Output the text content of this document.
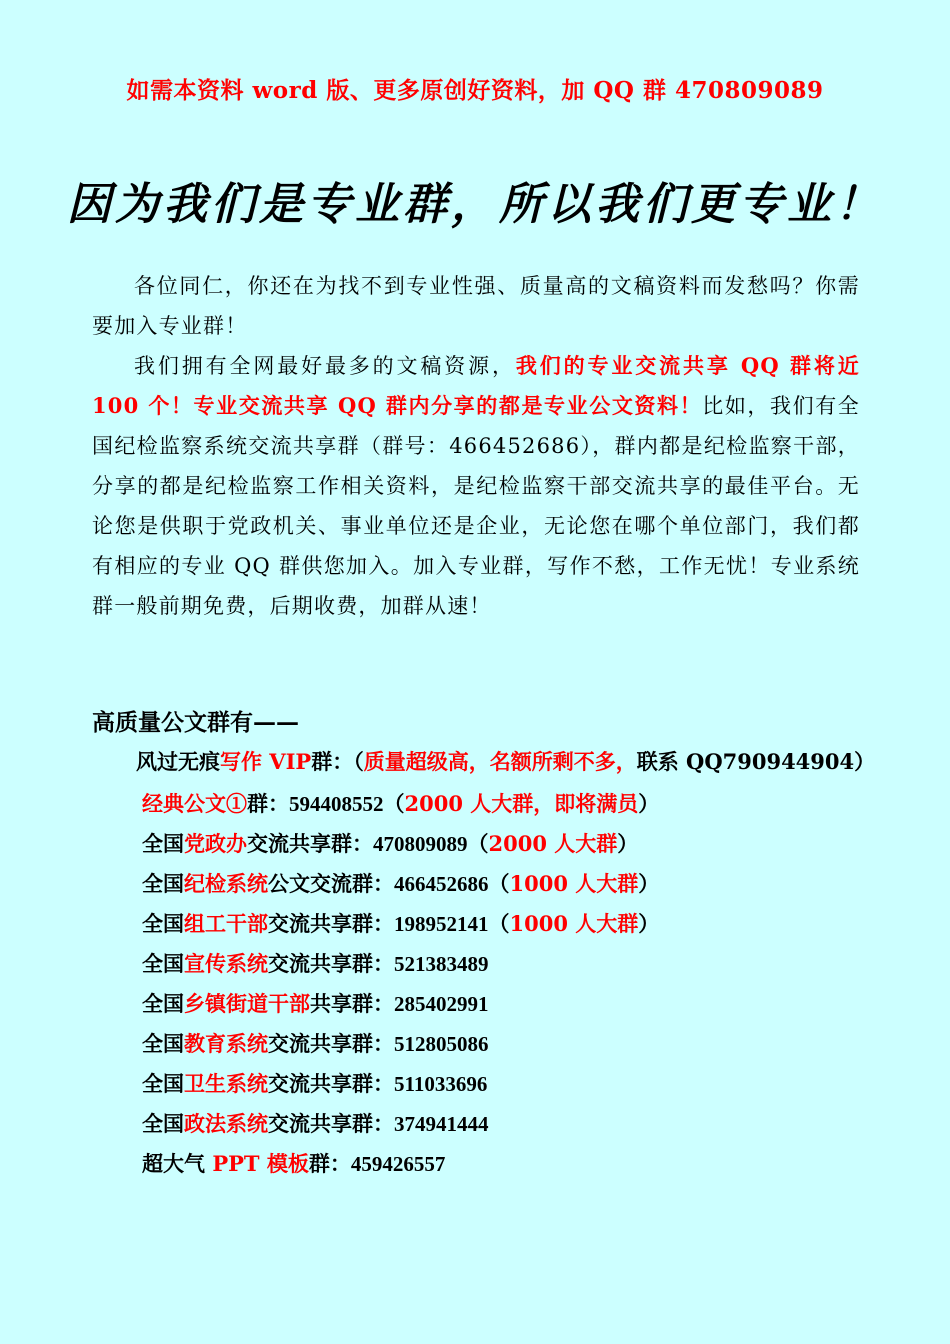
如需本资料 word 版、更多原创好资料，加 QQ 群 470809089
因为我们是专业群，所以我们更专业！

各位同仁，你还在为找不到专业性强、质量高的文稿资料而发愁吗？你需要加入专业群！

我们拥有全网最好最多的文稿资源，我们的专业交流共享 QQ 群将近 100 个！专业交流共享 QQ 群内分享的都是专业公文资料！比如，我们有全国纪检监察系统交流共享群（群号：466452686），群内都是纪检监察干部，分享的都是纪检监察工作相关资料，是纪检监察干部交流共享的最佳平台。无论您是供职于党政机关、事业单位还是企业，无论您在哪个单位部门，我们都有相应的专业 QQ 群供您加入。加入专业群，写作不愁，工作无忧！专业系统群一般前期免费，后期收费，加群从速！

高质量公文群有——
风过无痕写作 VIP群：（质量超级高，名额所剩不多，联系 QQ790944904）
经典公文①群：594408552（2000 人大群，即将满员）
全国党政办交流共享群：470809089（2000 人大群）
全国纪检系统公文交流群：466452686（1000 人大群）
全国组工干部交流共享群：198952141（1000 人大群）
全国宣传系统交流共享群：521383489
全国乡镇街道干部共享群：285402991
全国教育系统交流共享群：512805086
全国卫生系统交流共享群：511033696
全国政法系统交流共享群：374941444
超大气 PPT 模板群：459426557
